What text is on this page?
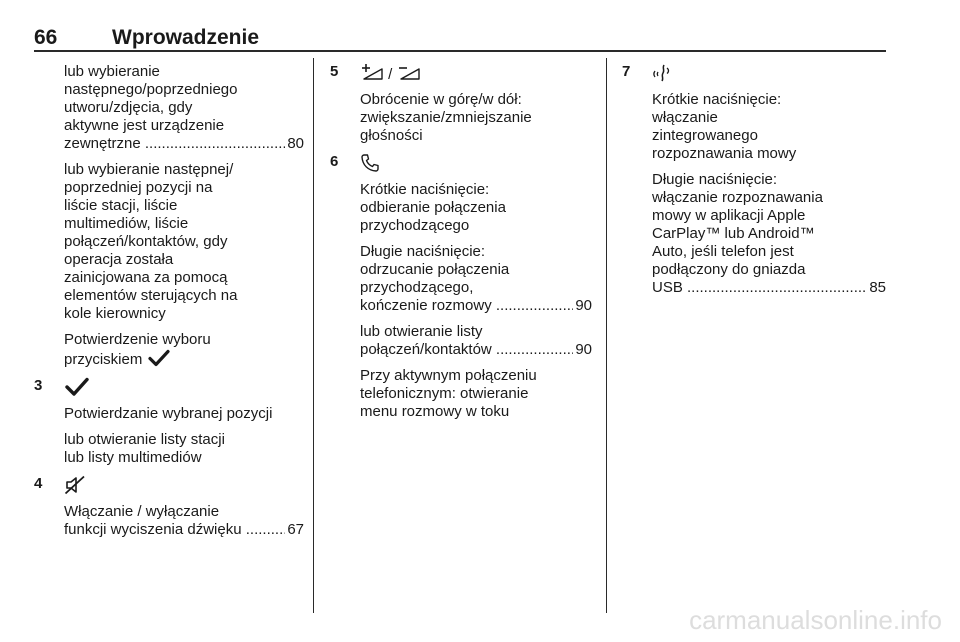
66	Wprowadzenie
lub wybieranie
następnego/poprzedniego
utworu/zdjęcia, gdy
aktywne jest urządzenie
zewnętrzne .....	80
lub wybieranie następnej/
poprzedniej pozycji na
liście stacji, liście
multimediów, liście
połączeń/kontaktów, gdy
operacja została
zainicjowana za pomocą
elementów sterujących na
kole kierownicy
Potwierdzenie wyboru
przyciskiem
3
Potwierdzanie wybranej pozycji
lub otwieranie listy stacji
lub listy multimediów
4
Włączanie / wyłączanie
funkcji wyciszenia dźwięku .....	67
5	/
Obrócenie w górę/w dół:
zwiększanie/zmniejszanie
głośności
6
Krótkie naciśnięcie:
odbieranie połączenia
przychodzącego
Długie naciśnięcie:
odrzucanie połączenia
przychodzącego,
kończenie rozmowy .....	90
lub otwieranie listy
połączeń/kontaktów .....	90
Przy aktywnym połączeniu
telefonicznym: otwieranie
menu rozmowy w toku
7
Krótkie naciśnięcie:
włączanie
zintegrowanego
rozpoznawania mowy
Długie naciśnięcie:
włączanie rozpoznawania
mowy w aplikacji Apple
CarPlay™ lub Android™
Auto, jeśli telefon jest
podłączony do gniazda
USB .....	85
carmanualsonline.info
